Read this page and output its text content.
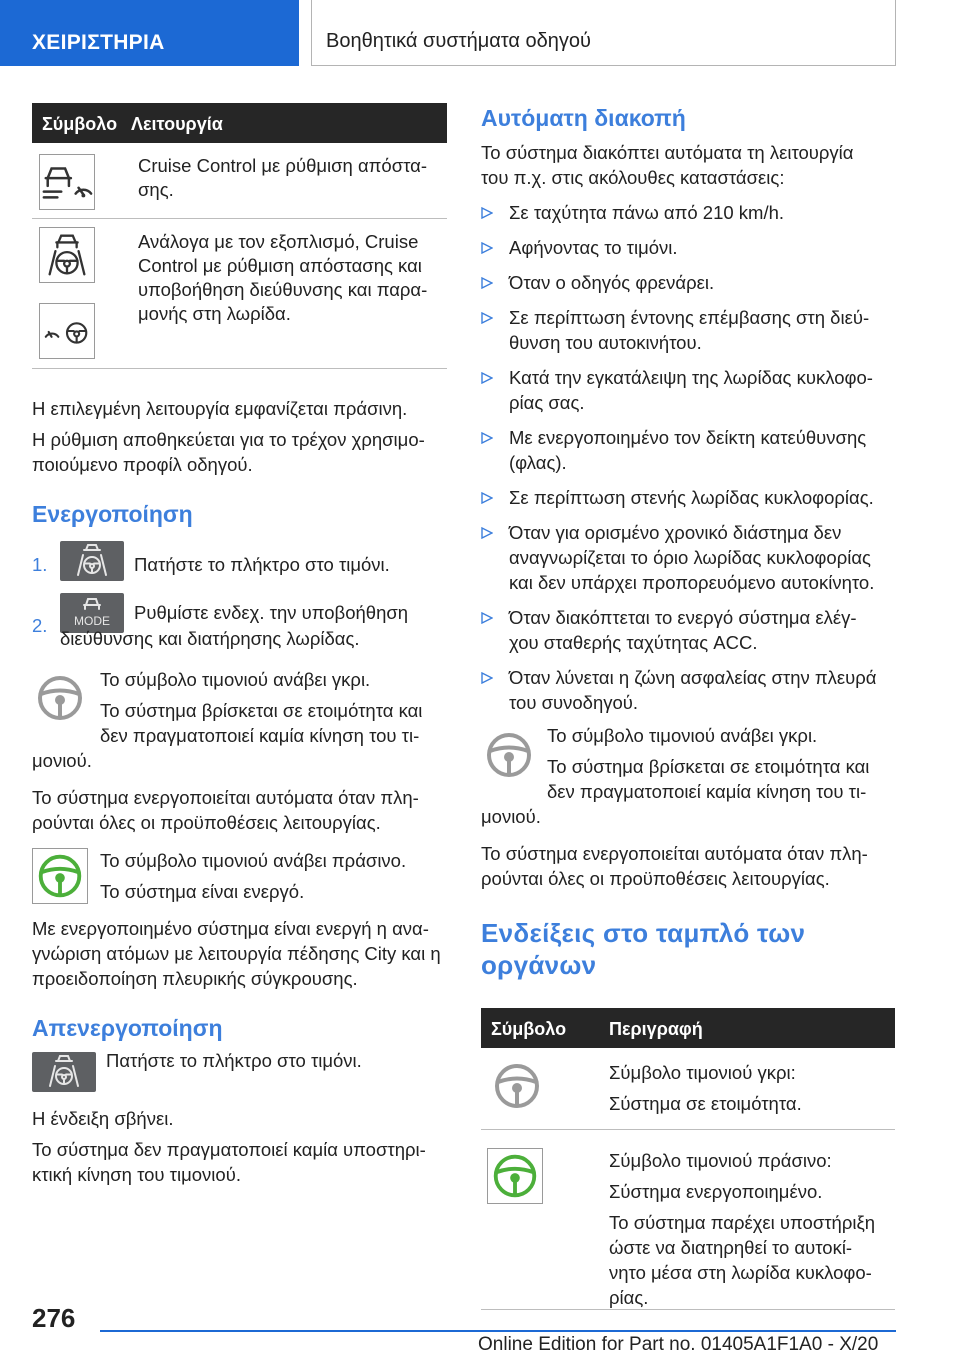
ΧΕΙΡΙΣΤΗΡΙΑ	Βοηθητικά συστήματα οδηγού
Σύμβολο Λειτουργία
Cruise Control με ρύθμιση απόστα-
σης.
Ανάλογα με τον εξοπλισμό, Cruise
Control με ρύθμιση απόστασης και
υποβοήθηση διεύθυνσης και παρα-
μονής στη λωρίδα.

Η επιλεγμένη λειτουργία εμφανίζεται πράσινη.

Η ρύθμιση αποθηκεύεται για το τρέχον χρησιμο-
ποιούμενο προφίλ οδηγού.

Ενεργοποίηση
1.	Πατήστε το πλήκτρο στο τιμόνι.
2. MODE Ρυθμίστε ενδεχ. την υποβοήθηση
διεύθυνσης και διατήρησης λωρίδας.
Το σύμβολο τιμονιού ανάβει γκρι.
Το σύστημα βρίσκεται σε ετοιμότητα και
δεν πραγματοποιεί καμία κίνηση του τι-
μονιού.

Το σύστημα ενεργοποιείται αυτόματα όταν πλη-
ρούνται όλες οι προϋποθέσεις λειτουργίας.

Το σύμβολο τιμονιού ανάβει πράσινο.
Το σύστημα είναι ενεργό.

Με ενεργοποιημένο σύστημα είναι ενεργή η ανα-
γνώριση ατόμων με λειτουργία πέδησης City και η
προειδοποίηση πλευρικής σύγκρουσης.

Απενεργοποίηση
Πατήστε το πλήκτρο στο τιμόνι.

Η ένδειξη σβήνει.

Το σύστημα δεν πραγματοποιεί καμία υποστηρι-
κτική κίνηση του τιμονιού.

Αυτόματη διακοπή

Το σύστημα διακόπτει αυτόματα τη λειτουργία
του π.χ. στις ακόλουθες καταστάσεις:

Σε ταχύτητα πάνω από 210 km/h.
Αφήνοντας το τιμόνι.
Όταν ο οδηγός φρενάρει.
Σε περίπτωση έντονης επέμβασης στη διεύ-
θυνση του αυτοκινήτου.
Κατά την εγκατάλειψη της λωρίδας κυκλοφο-
ρίας σας.
Με ενεργοποιημένο τον δείκτη κατεύθυνσης
(φλας).
Σε περίπτωση στενής λωρίδας κυκλοφορίας.
Όταν για ορισμένο χρονικό διάστημα δεν
αναγνωρίζεται το όριο λωρίδας κυκλοφορίας
και δεν υπάρχει προπορευόμενο αυτοκίνητο.
Όταν διακόπτεται το ενεργό σύστημα ελέγ-
χου σταθερής ταχύτητας ACC.
Όταν λύνεται η ζώνη ασφαλείας στην πλευρά
του συνοδηγού.
Το σύμβολο τιμονιού ανάβει γκρι.
Το σύστημα βρίσκεται σε ετοιμότητα και
δεν πραγματοποιεί καμία κίνηση του τι-
μονιού.

Το σύστημα ενεργοποιείται αυτόματα όταν πλη-
ρούνται όλες οι προϋποθέσεις λειτουργίας.

Ενδείξεις στο ταμπλό των
οργάνων
Σύμβολο Περιγραφή
Σύμβολο τιμονιού γκρι:
Σύστημα σε ετοιμότητα.
Σύμβολο τιμονιού πράσινο:
Σύστημα ενεργοποιημένο.
Το σύστημα παρέχει υποστήριξη
ώστε να διατηρηθεί το αυτοκί-
νητο μέσα στη λωρίδα κυκλοφο-
ρίας.
276
Online Edition for Part no. 01405A1F1A0 - X/20
